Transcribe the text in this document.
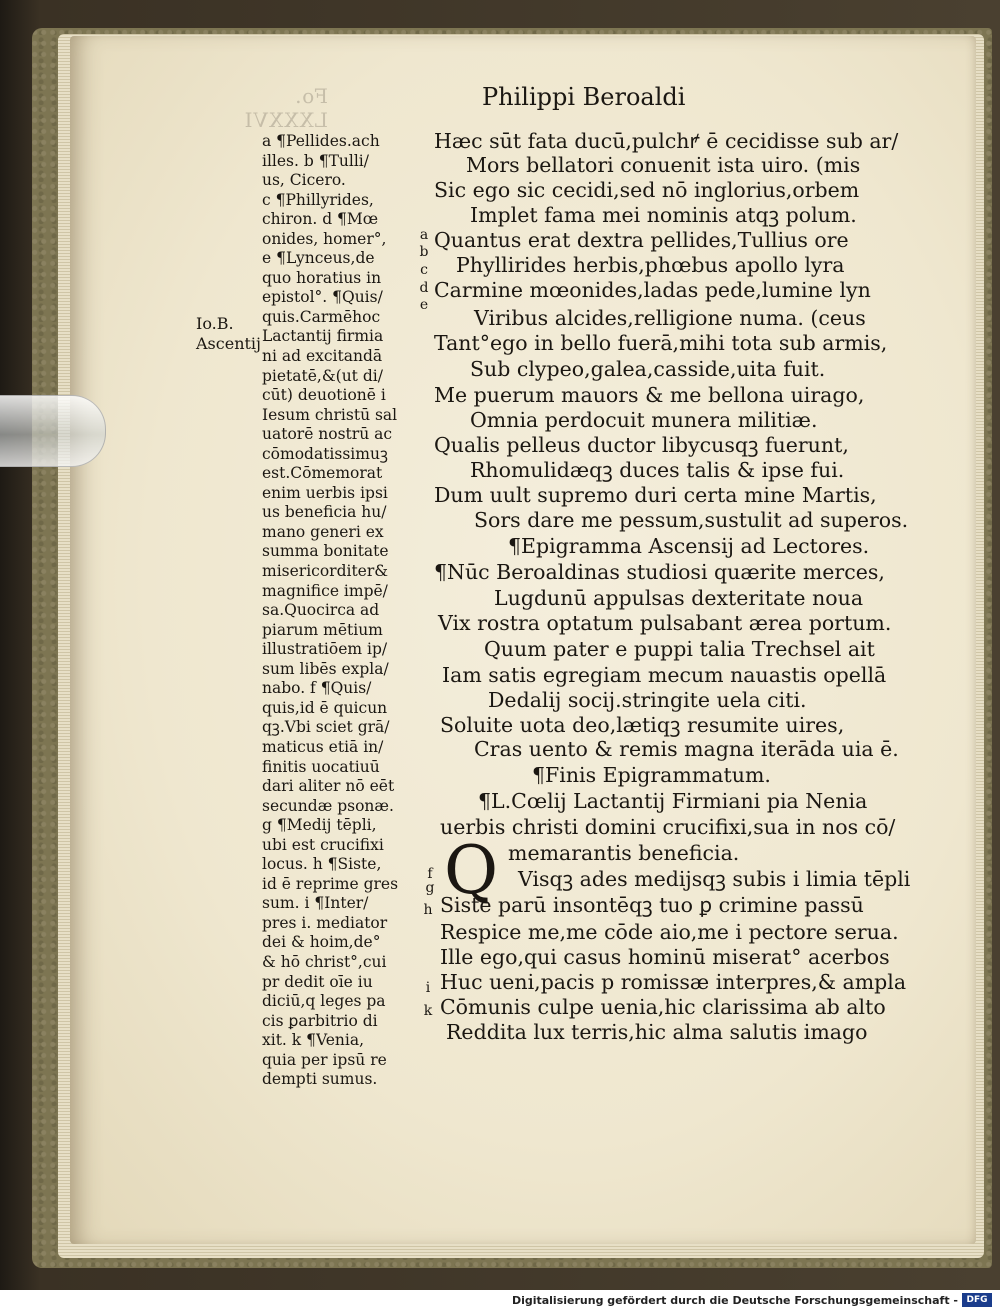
Fo. LXXXVI
Philippi Beroaldi
a ¶Pellides.ach
illes. b ¶Tulli/
us, Cicero.
c ¶Phillyrides,
chiron. d ¶Mœ
onides, homer°,
e ¶Lynceus,de
quo horatius in
epistol°. ¶Quis/
quis.Carmēhoc
Lactantij firmia
ni ad excitandā
pietatē,&(ut di/
cūt) deuotionē i
Iesum christū sal
uatorē nostrū ac
cōmodatissimuꝫ
est.Cōmemorat
enim uerbis ipsi
us beneficia hu/
mano generi ex
summa bonitate
misericorditer&
magnifice impē/
sa.Quocirca ad
piarum mētium
illustratiōem ip/
sum libēs expla/
nabo. f ¶Quis/
quis,id ē quicun
qꝫ.Vbi sciet grā/
maticus etiā in/
finitis uocatiuū
dari aliter nō eēt
secundæ psonæ.
g ¶Medij tēpli,
ubi est crucifixi
locus. h ¶Siste,
id ē reprime gres
sum. i ¶Inter/
pres i. mediator
dei & hoim,de°
& hō christ°,cui
pr dedit oīe iu
diciū,q leges pa
cis ꝑarbitrio di
xit. k ¶Venia,
quia per ipsū re
dempti sumus.
Io.B.
Ascentij
a
b
c
d
e
f
g
h
i
k
Hæc sūt fata ducū,pulchꝵ ē cecidisse sub ar/
Mors bellatori conuenit ista uiro. (mis
Sic ego sic cecidi,sed nō inglorius,orbem
Implet fama mei nominis atqꝫ polum.
Quantus erat dextra pellides,Tullius ore
Phyllirides herbis,phœbus apollo lyra
Carmine mœonides,ladas pede,lumine lyn
Viribus alcides,relligione numa. (ceus
Tant°ego in bello fuerā,mihi tota sub armis,
Sub clypeo,galea,casside,uita fuit.
Me puerum mauors & me bellona uirago,
Omnia perdocuit munera militiæ.
Qualis pelleus ductor libycusqꝫ fuerunt,
Rhomulidæqꝫ duces talis & ipse fui.
Dum uult supremo duri certa mine Martis,
Sors dare me pessum,sustulit ad superos.
¶Epigramma Ascensij ad Lectores.
¶Nūc Beroaldinas studiosi quærite merces,
Lugdunū appulsas dexteritate noua
Vix rostra optatum pulsabant ærea portum.
Quum pater e puppi talia Trechsel ait
Iam satis egregiam mecum nauastis opellā
Dedalij socij.stringite uela citi.
Soluite uota deo,lætiqꝫ resumite uires,
Cras uento & remis magna iterāda uia ē.
¶Finis Epigrammatum.
¶L.Cœlij Lactantij Firmiani pia Nenia
uerbis christi domini crucifixi,sua in nos cō/
memarantis beneficia.
Q Visqꝫ ades medijsqꝫ subis i limia tēpli
Siste parū insontēqꝫ tuo ꝑ crimine passū
Respice me,me cōde aio,me i pectore serua.
Ille ego,qui casus hominū miserat° acerbos
Huc ueni,pacis p romissæ interpres,& ampla
Cōmunis culpe uenia,hic clarissima ab alto
Reddita lux terris,hic alma salutis imago
Digitalisierung gefördert durch die Deutsche Forschungsgemeinschaft - DFG
